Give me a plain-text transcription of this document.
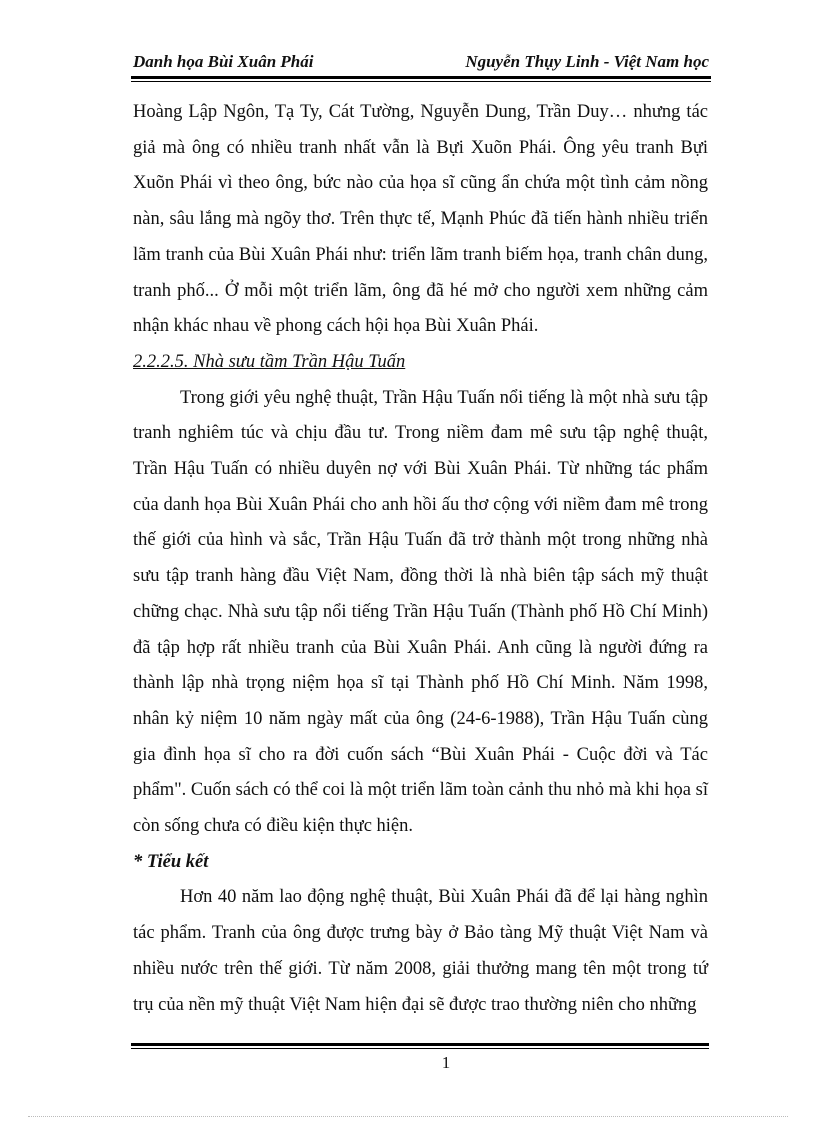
Danh họa Bùi Xuân Phái	Nguyễn Thụy Linh - Việt Nam học

Hoàng Lập Ngôn, Tạ Ty, Cát Tường, Nguyễn Dung, Trần Duy… nhưng tác giả mà ông có nhiều tranh nhất vẫn là Bựi Xuõn Phái. Ông yêu tranh Bựi Xuõn Phái vì theo ông, bức nào của họa sĩ cũng ẩn chứa một tình cảm nồng nàn, sâu lắng mà ngõy thơ. Trên thực tế, Mạnh Phúc đã tiến hành nhiều triển lãm tranh của Bùi Xuân Phái như: triển lãm tranh biếm họa, tranh chân dung, tranh phố... Ở mỗi một triển lãm, ông đã hé mở cho người xem những cảm nhận khác nhau về phong cách hội họa Bùi Xuân Phái.

2.2.2.5. Nhà sưu tầm Trần Hậu Tuấn

Trong giới yêu nghệ thuật, Trần Hậu Tuấn nổi tiếng là một nhà sưu tập tranh nghiêm túc và chịu đầu tư. Trong niềm đam mê sưu tập nghệ thuật, Trần Hậu Tuấn có nhiều duyên nợ với Bùi Xuân Phái. Từ những tác phẩm của danh họa Bùi Xuân Phái cho anh hồi ấu thơ cộng với niềm đam mê trong thế giới của hình và sắc, Trần Hậu Tuấn đã trở thành một trong những nhà sưu tập tranh hàng đầu Việt Nam, đồng thời là nhà biên tập sách mỹ thuật chững chạc. Nhà sưu tập nổi tiếng Trần Hậu Tuấn (Thành phố Hồ Chí Minh) đã tập hợp rất nhiều tranh của Bùi Xuân Phái. Anh cũng là người đứng ra thành lập nhà trọng niệm họa sĩ tại Thành phố Hồ Chí Minh. Năm 1998, nhân kỷ niệm 10 năm ngày mất của ông (24-6-1988), Trần Hậu Tuấn cùng gia đình họa sĩ cho ra đời cuốn sách “Bùi Xuân Phái - Cuộc đời và Tác phẩm". Cuốn sách có thể coi là một triển lãm toàn cảnh thu nhỏ mà khi họa sĩ còn sống chưa có điều kiện thực hiện.

* Tiểu kết

Hơn 40 năm lao động nghệ thuật, Bùi Xuân Phái đã để lại hàng nghìn tác phẩm. Tranh của ông được trưng bày ở Bảo tàng Mỹ thuật Việt Nam và nhiều nước trên thế giới. Từ năm 2008, giải thưởng mang tên một trong tứ trụ của nền mỹ thuật Việt Nam hiện đại sẽ được trao thường niên cho những

1
